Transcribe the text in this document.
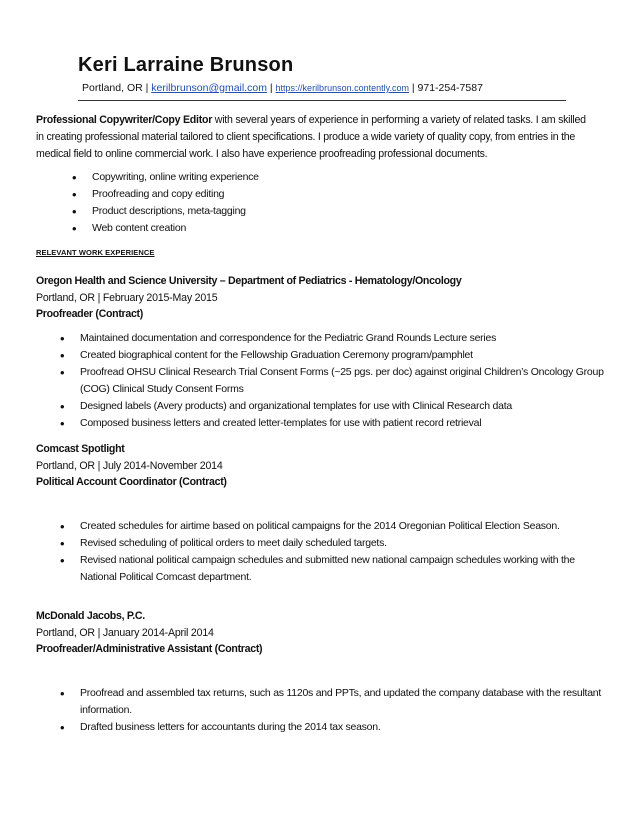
Keri Larraine Brunson
Portland, OR | kerilbrunson@gmail.com | https://kerilbrunson.contently.com | 971-254-7587
Professional Copywriter/Copy Editor with several years of experience in performing a variety of related tasks. I am skilled in creating professional material tailored to client specifications. I produce a wide variety of quality copy, from entries in the medical field to online commercial work. I also have experience proofreading professional documents.
• Copywriting, online writing experience
• Proofreading and copy editing
• Product descriptions, meta-tagging
• Web content creation
RELEVANT WORK EXPERIENCE
Oregon Health and Science University – Department of Pediatrics - Hematology/Oncology
Portland, OR | February 2015-May 2015
Proofreader (Contract)
• Maintained documentation and correspondence for the Pediatric Grand Rounds Lecture series
• Created biographical content for the Fellowship Graduation Ceremony program/pamphlet
• Proofread OHSU Clinical Research Trial Consent Forms (~25 pgs. per doc) against original Children’s Oncology Group (COG) Clinical Study Consent Forms
• Designed labels (Avery products) and organizational templates for use with Clinical Research data
• Composed business letters and created letter-templates for use with patient record retrieval
Comcast Spotlight
Portland, OR | July 2014-November 2014
Political Account Coordinator (Contract)
• Created schedules for airtime based on political campaigns for the 2014 Oregonian Political Election Season.
• Revised scheduling of political orders to meet daily scheduled targets.
• Revised national political campaign schedules and submitted new national campaign schedules working with the National Political Comcast department.
McDonald Jacobs, P.C.
Portland, OR | January 2014-April 2014
Proofreader/Administrative Assistant (Contract)
• Proofread and assembled tax returns, such as 1120s and PPTs, and updated the company database with the resultant information.
• Drafted business letters for accountants during the 2014 tax season.
